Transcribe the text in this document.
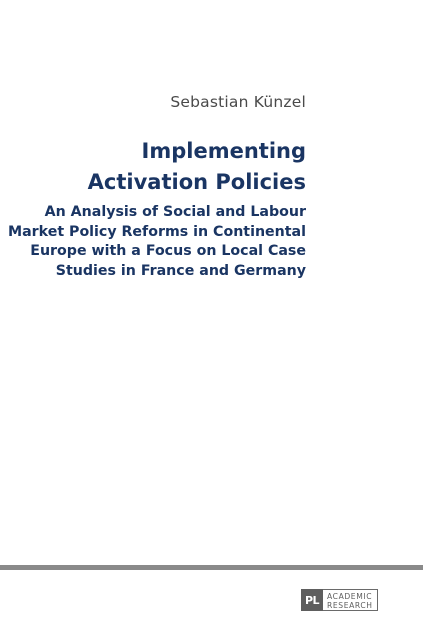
Sebastian Künzel
Implementing
Activation Policies
An Analysis of Social and Labour
Market Policy Reforms in Continental
Europe with a Focus on Local Case
Studies in France and Germany
PL	ACADEMIC
RESEARCH
